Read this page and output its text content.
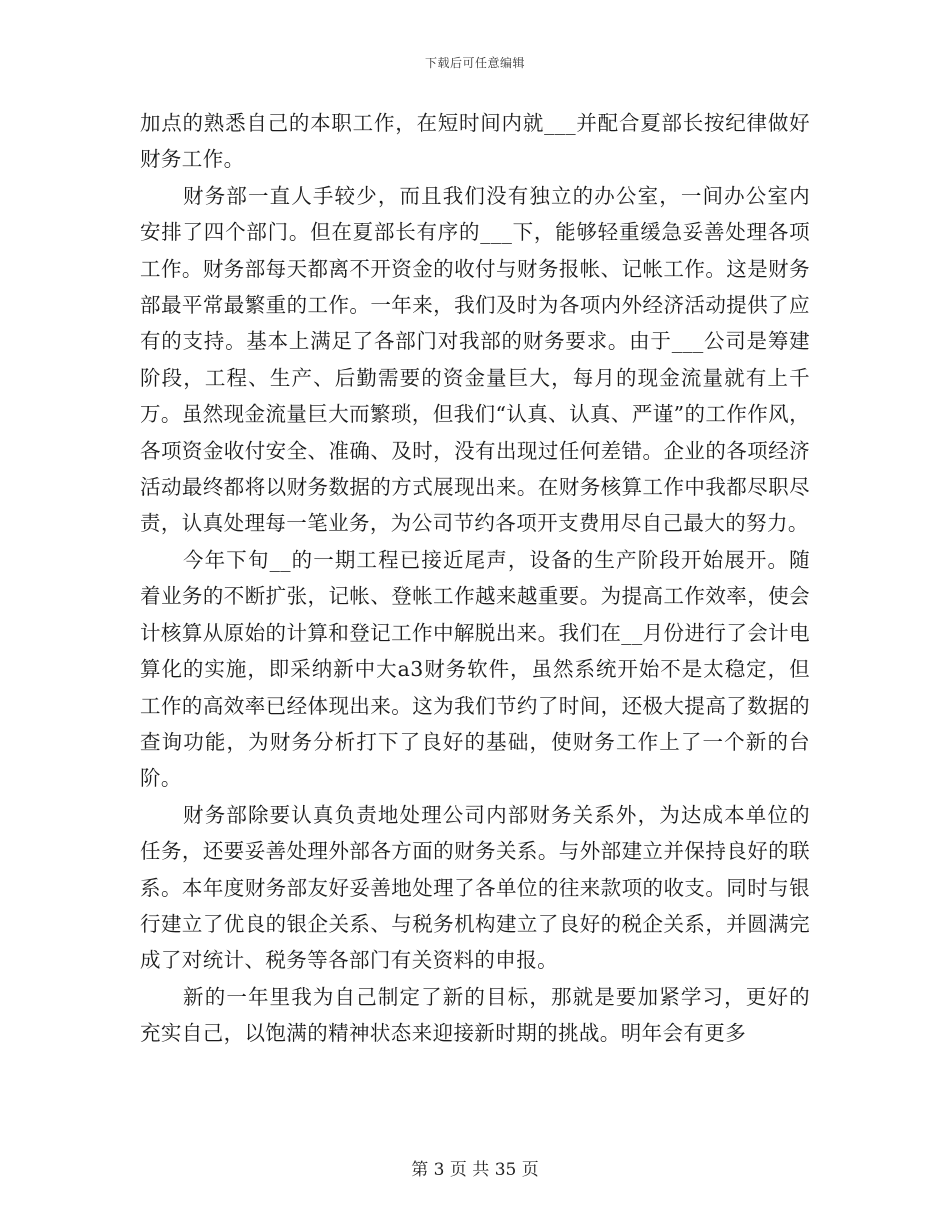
下载后可任意编辑

加点的熟悉自己的本职工作，在短时间内就___并配合夏部长按纪律做好财务工作。

财务部一直人手较少，而且我们没有独立的办公室，一间办公室内安排了四个部门。但在夏部长有序的___下，能够轻重缓急妥善处理各项工作。财务部每天都离不开资金的收付与财务报帐、记帐工作。这是财务部最平常最繁重的工作。一年来，我们及时为各项内外经济活动提供了应有的支持。基本上满足了各部门对我部的财务要求。由于___公司是筹建阶段，工程、生产、后勤需要的资金量巨大，每月的现金流量就有上千万。虽然现金流量巨大而繁琐，但我们“认真、认真、严谨”的工作作风，各项资金收付安全、准确、及时，没有出现过任何差错。企业的各项经济活动最终都将以财务数据的方式展现出来。在财务核算工作中我都尽职尽责，认真处理每一笔业务，为公司节约各项开支费用尽自己最大的努力。

今年下旬__的一期工程已接近尾声，设备的生产阶段开始展开。随着业务的不断扩张，记帐、登帐工作越来越重要。为提高工作效率，使会计核算从原始的计算和登记工作中解脱出来。我们在__月份进行了会计电算化的实施，即采纳新中大a3财务软件，虽然系统开始不是太稳定，但工作的高效率已经体现出来。这为我们节约了时间，还极大提高了数据的查询功能，为财务分析打下了良好的基础，使财务工作上了一个新的台阶。

财务部除要认真负责地处理公司内部财务关系外，为达成本单位的任务，还要妥善处理外部各方面的财务关系。与外部建立并保持良好的联系。本年度财务部友好妥善地处理了各单位的往来款项的收支。同时与银行建立了优良的银企关系、与税务机构建立了良好的税企关系，并圆满完成了对统计、税务等各部门有关资料的申报。

新的一年里我为自己制定了新的目标，那就是要加紧学习，更好的充实自己，以饱满的精神状态来迎接新时期的挑战。明年会有更多

第 3 页 共 35 页
